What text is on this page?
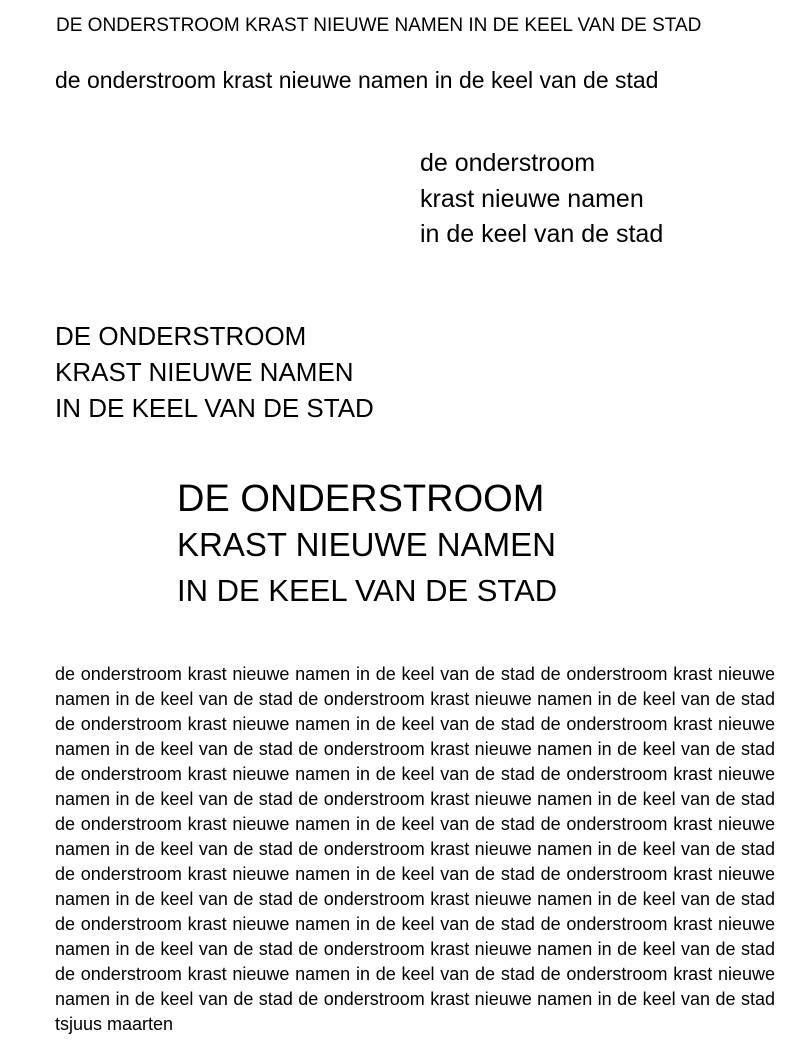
DE ONDERSTROOM KRAST NIEUWE NAMEN IN DE KEEL VAN DE STAD
de onderstroom krast nieuwe namen in de keel van de stad
de onderstroom
krast nieuwe namen
in de keel van de stad
DE ONDERSTROOM
KRAST NIEUWE NAMEN
IN DE KEEL VAN DE STAD
DE ONDERSTROOM
KRAST NIEUWE NAMEN
IN DE KEEL VAN DE STAD

de onderstroom krast nieuwe namen in de keel van de stad de onderstroom krast nieuwe namen in de keel van de stad de onderstroom krast nieuwe namen in de keel van de stad de onderstroom krast nieuwe namen in de keel van de stad de onderstroom krast nieuwe namen in de keel van de stad de onderstroom krast nieuwe namen in de keel van de stad de onderstroom krast nieuwe namen in de keel van de stad de onderstroom krast nieuwe namen in de keel van de stad de onderstroom krast nieuwe namen in de keel van de stad de onderstroom krast nieuwe namen in de keel van de stad de onderstroom krast nieuwe namen in de keel van de stad de onderstroom krast nieuwe namen in de keel van de stad de onderstroom krast nieuwe namen in de keel van de stad de onderstroom krast nieuwe namen in de keel van de stad de onderstroom krast nieuwe namen in de keel van de stad de onderstroom krast nieuwe namen in de keel van de stad de onderstroom krast nieuwe namen in de keel van de stad de onderstroom krast nieuwe namen in de keel van de stad de onderstroom krast nieuwe namen in de keel van de stad de onderstroom krast nieuwe namen in de keel van de stad de onderstroom krast nieuwe namen in de keel van de stad tsjuus maarten
